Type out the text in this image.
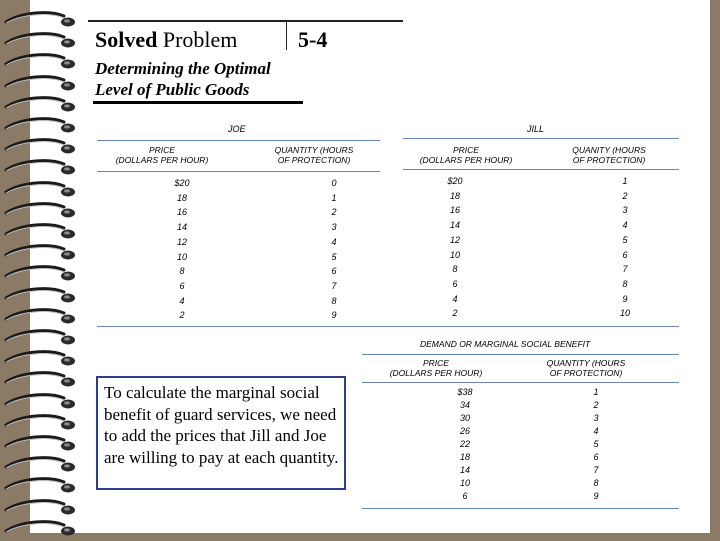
Solved Problem	5-4
Determining the Optimal
Level of Public Goods
JOE
PRICE
(DOLLARS PER HOUR)
QUANTITY (HOURS
OF PROTECTION)
$20	0
18	1
16	2
14	3
12	4
10	5
8	6
6	7
4	8
2	9
JILL
PRICE
(DOLLARS PER HOUR)
QUANITY (HOURS
OF PROTECTION)
$20	1
18	2
16	3
14	4
12	5
10	6
8	7
6	8
4	9
2	10
DEMAND OR MARGINAL SOCIAL BENEFIT
PRICE
(DOLLARS PER HOUR)
QUANTITY (HOURS
OF PROTECTION)
$38	1
34	2
30	3
26	4
22	5
18	6
14	7
10	8
6	9
To calculate the marginal social benefit of guard services, we need to add the prices that Jill and Joe are willing to pay at each quantity.
